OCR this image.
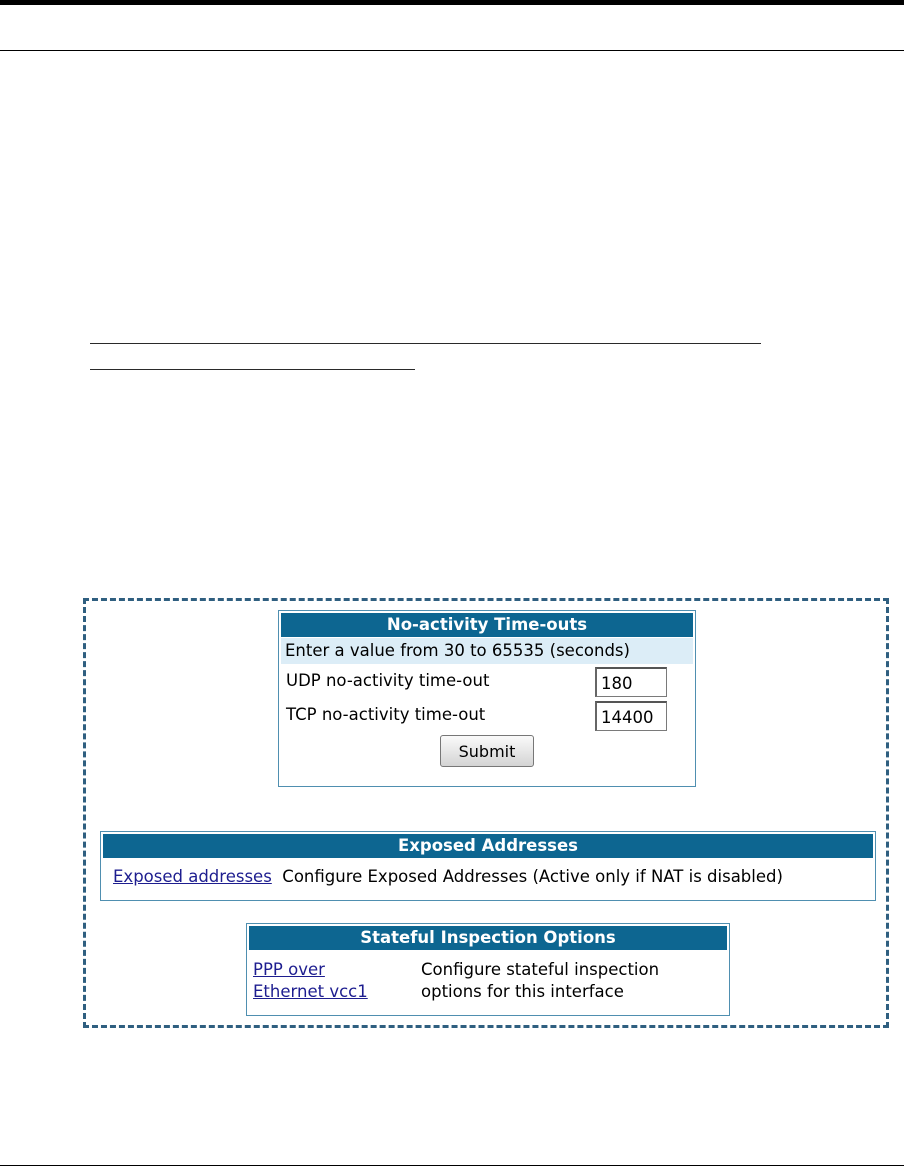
No-activity Time-outs
Enter a value from 30 to 65535 (seconds)
UDP no-activity time-out
180
TCP no-activity time-out
14400
Submit
Exposed Addresses
Exposed addresses Configure Exposed Addresses (Active only if NAT is disabled)
Stateful Inspection Options
PPP over
Ethernet vcc1
Configure stateful inspection
options for this interface
